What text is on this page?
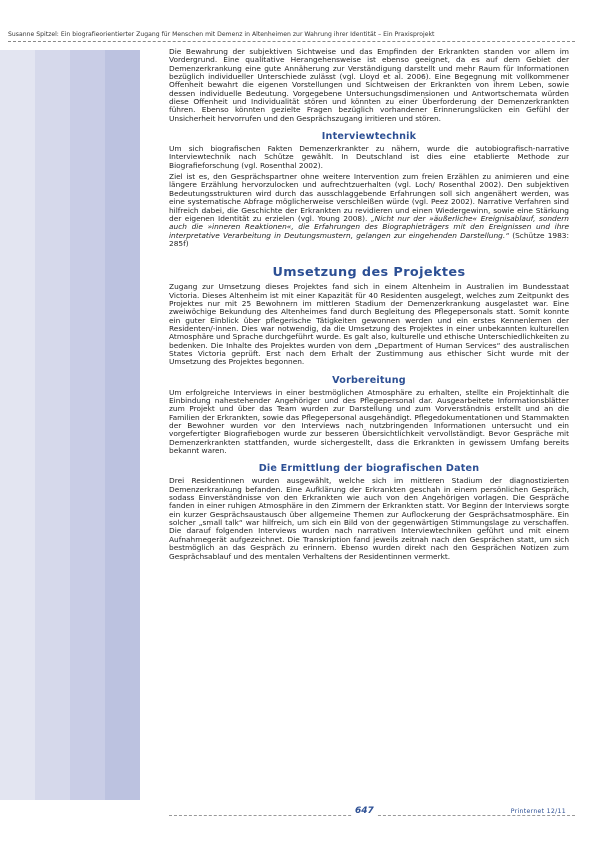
Susanne Spitzel: Ein biografieorientierter Zugang für Menschen mit Demenz in Altenheimen zur Wahrung ihrer Identität – Ein Praxisprojekt

Die Bewahrung der subjektiven Sichtweise und das Empfinden der Erkrankten standen vor allem im Vordergrund. Eine qualitative Herangehensweise ist ebenso geeignet, da es auf dem Gebiet der Demenzerkrankung eine gute Annäherung zur Verständigung darstellt und mehr Raum für Informationen bezüglich individueller Unterschiede zulässt (vgl. Lloyd et al. 2006). Eine Begegnung mit vollkommener Offenheit bewahrt die eigenen Vorstellungen und Sichtweisen der Erkrankten von ihrem Leben, sowie dessen individuelle Bedeutung. Vorgegebene Untersuchungsdimensionen und Antwortschemata würden diese Offenheit und Individualität stören und könnten zu einer Überforderung der Demenzerkrankten führen. Ebenso könnten gezielte Fragen bezüglich vorhandener Erinnerungslücken ein Gefühl der Unsicherheit hervorrufen und den Gesprächszugang irritieren und stören.

Interviewtechnik

Um sich biografischen Fakten Demenzerkrankter zu nähern, wurde die autobiografisch-narrative Interviewtechnik nach Schütze gewählt. In Deutschland ist dies eine etablierte Methode zur Biografieforschung (vgl. Rosenthal 2002).

Ziel ist es, den Gesprächspartner ohne weitere Intervention zum freien Erzählen zu animieren und eine längere Erzählung hervorzulocken und aufrechtzuerhalten (vgl. Loch/ Rosenthal 2002). Den subjektiven Bedeutungsstrukturen wird durch das ausschlaggebende Erfahrungen soll sich angenähert werden, was eine systematische Abfrage möglicherweise verschleißen würde (vgl. Peez 2002). Narrative Verfahren sind hilfreich dabei, die Geschichte der Erkrankten zu revidieren und einen Wiedergewinn, sowie eine Stärkung der eigenen Identität zu erzielen (vgl. Young 2008). „Nicht nur der »äußerliche« Ereignisablauf, sondern auch die »inneren Reaktionen«, die Erfahrungen des Biographieträgers mit den Ereignissen und ihre interpretative Verarbeitung in Deutungsmustern, gelangen zur eingehenden Darstellung.“ (Schütze 1983: 285f)

Umsetzung des Projektes

Zugang zur Umsetzung dieses Projektes fand sich in einem Altenheim in Australien im Bundesstaat Victoria. Dieses Altenheim ist mit einer Kapazität für 40 Residenten ausgelegt, welches zum Zeitpunkt des Projektes nur mit 25 Bewohnern im mittleren Stadium der Demenzerkrankung ausgelastet war. Eine zweiwöchige Bekundung des Altenheimes fand durch Begleitung des Pflegepersonals statt. Somit konnte ein guter Einblick über pflegerische Tätigkeiten gewonnen werden und ein erstes Kennenlernen der Residenten/-innen. Dies war notwendig, da die Umsetzung des Projektes in einer unbekannten kulturellen Atmosphäre und Sprache durchgeführt wurde. Es galt also, kulturelle und ethische Unterschiedlichkeiten zu bedenken. Die Inhalte des Projektes wurden von dem „Department of Human Services“ des australischen States Victoria geprüft. Erst nach dem Erhalt der Zustimmung aus ethischer Sicht wurde mit der Umsetzung des Projektes begonnen.

Vorbereitung

Um erfolgreiche Interviews in einer bestmöglichen Atmosphäre zu erhalten, stellte ein Projektinhalt die Einbindung nahestehender Angehöriger und des Pflegepersonal dar. Ausgearbeitete Informationsblätter zum Projekt und über das Team wurden zur Darstellung und zum Vorverständnis erstellt und an die Familien der Erkrankten, sowie das Pflegepersonal ausgehändigt. Pflegedokumentationen und Stammakten der Bewohner wurden vor den Interviews nach nutzbringenden Informationen untersucht und ein vorgefertigter Biografiebogen wurde zur besseren Übersichtlichkeit vervollständigt. Bevor Gespräche mit Demenzerkrankten stattfanden, wurde sichergestellt, dass die Erkrankten in gewissem Umfang bereits bekannt waren.

Die Ermittlung der biografischen Daten

Drei Residentinnen wurden ausgewählt, welche sich im mittleren Stadium der diagnostizierten Demenzerkrankung befanden. Eine Aufklärung der Erkrankten geschah in einem persönlichen Gespräch, sodass Einverständnisse von den Erkrankten wie auch von den Angehörigen vorlagen. Die Gespräche fanden in einer ruhigen Atmosphäre in den Zimmern der Erkrankten statt. Vor Beginn der Interviews sorgte ein kurzer Gesprächsaustausch über allgemeine Themen zur Auflockerung der Gesprächsatmosphäre. Ein solcher „small talk“ war hilfreich, um sich ein Bild von der gegenwärtigen Stimmungslage zu verschaffen. Die darauf folgenden Interviews wurden nach narrativen Interviewtechniken geführt und mit einem Aufnahmegerät aufgezeichnet. Die Transkription fand jeweils zeitnah nach den Gesprächen statt, um sich bestmöglich an das Gespräch zu erinnern. Ebenso wurden direkt nach den Gesprächen Notizen zum Gesprächsablauf und des mentalen Verhaltens der Residentinnen vermerkt.

647	Printernet 12/11
